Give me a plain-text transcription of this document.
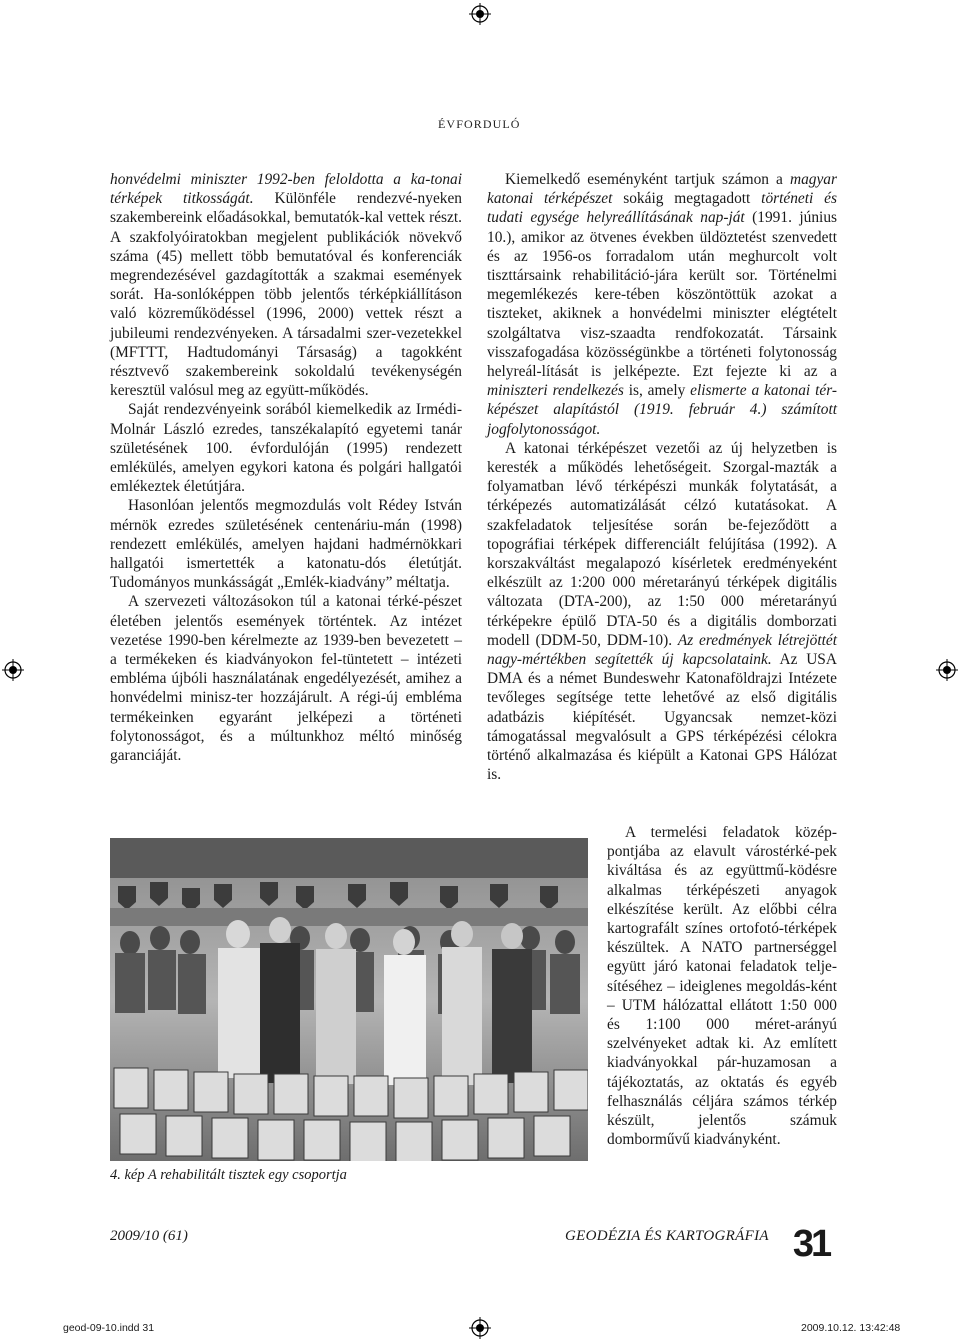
ÉVFORDULÓ

honvédelmi miniszter 1992-ben feloldotta a ka-tonai térképek titkosságát. Különféle rendezvé-nyeken szakembereink előadásokkal, bemutatók-kal vettek részt. A szakfolyóiratokban megjelent publikációk növekvő száma (45) mellett több bemutatóval és konferenciák megrendezésével gazdagították a szakmai események sorát. Ha-sonlóképpen több jelentős térképkiállításon való közreműködéssel (1996, 2000) vettek részt a jubileumi rendezvényeken. A társadalmi szer-vezetekkel (MFTTT, Hadtudományi Társaság) a tagokként résztvevő szakembereink sokoldalú tevékenységén keresztül valósul meg az együtt-működés.

Saját rendezvényeink sorából kiemelkedik az Irmédi-Molnár László ezredes, tanszékalapító egyetemi tanár születésének 100. évfordulóján (1995) rendezett emlékülés, amelyen egykori katona és polgári hallgatói emlékeztek életútjára.

Hasonlóan jelentős megmozdulás volt Rédey István mérnök ezredes születésének centenáriu-mán (1998) rendezett emlékülés, amelyen hajdani hadmérnökkari hallgatói ismertették a katonatu-dós életútját. Tudományos munkásságát „Emlék-kiadvány” méltatja.

A szervezeti változásokon túl a katonai térké-pészet életében jelentős események történtek. Az intézet vezetése 1990-ben kérelmezte az 1939-ben bevezetett – a termékeken és kiadványokon fel-tüntetett – intézeti embléma újbóli használatának engedélyezését, amihez a honvédelmi minisz-ter hozzájárult. A régi-új embléma termékeinken egyaránt jelképezi a történeti folytonosságot, és a múltunkhoz méltó minőség garanciáját.

Kiemelkedő eseményként tartjuk számon a magyar katonai térképészet sokáig megtagadott történeti és tudati egysége helyreállításának nap-ját (1991. június 10.), amikor az ötvenes években üldöztetést szenvedett és az 1956-os forradalom után meghurcolt volt tiszttársaink rehabilitáció-jára került sor. Történelmi megemlékezés kere-tében köszöntöttük azokat a tiszteket, akiknek a honvédelmi miniszter elégtételt szolgáltatva visz-szaadta rendfokozatát. Társaink visszafogadása közösségünkbe a történeti folytonosság helyreál-lítását is jelképezte. Ezt fejezte ki az a miniszteri rendelkezés is, amely elismerte a katonai tér-képészet alapítástól (1919. február 4.) számított jogfolytonosságot.

A katonai térképészet vezetői az új helyzetben is keresték a működés lehetőségeit. Szorgal-mazták a folyamatban lévő térképészi munkák folytatását, a térképezés automatizálását célzó kutatásokat. A szakfeladatok teljesítése során be-fejeződött a topográfiai térképek differenciált felújítása (1992). A korszakváltást megalapozó kísérletek eredményeként elkészült az 1:200 000 méretarányú térképek digitális változata (DTA-200), az 1:50 000 méretarányú térképekre épülő DTA-50 és a digitális domborzati modell (DDM-50, DDM-10). Az eredmények létrejöttét nagy-mértékben segítették új kapcsolataink. Az USA DMA és a német Bundeswehr Katonaföldrajzi Intézete tevőleges segítsége tette lehetővé az első digitális adatbázis kiépítését. Ugyancsak nemzet-közi támogatással megvalósult a GPS térképézési célokra történő alkalmazása és kiépült a Katonai GPS Hálózat is.

A termelési feladatok közép-pontjába az elavult várostérké-pek kiváltása és az együttmű-ködésre alkalmas térképészeti anyagok elkészítése került. Az előbbi célra kartografált színes ortofotó-térképek készültek. A NATO partnerséggel együtt járó katonai feladatok telje-sítéséhez – ideiglenes megoldás-ként – UTM hálózattal ellátott 1:50 000 és 1:100 000 méret-arányú szelvényeket adtak ki. Az említett kiadványokkal pár-huzamosan a tájékoztatás, az oktatás és egyéb felhasználás céljára számos térkép készült, jelentős számuk domborművű kiadványként.

4. kép A rehabilitált tisztek egy csoportja
2009/10 (61)	GEODÉZIA ÉS KARTOGRÁFIA 31
geod-09-10.indd 31	2009.10.12. 13:42:48
